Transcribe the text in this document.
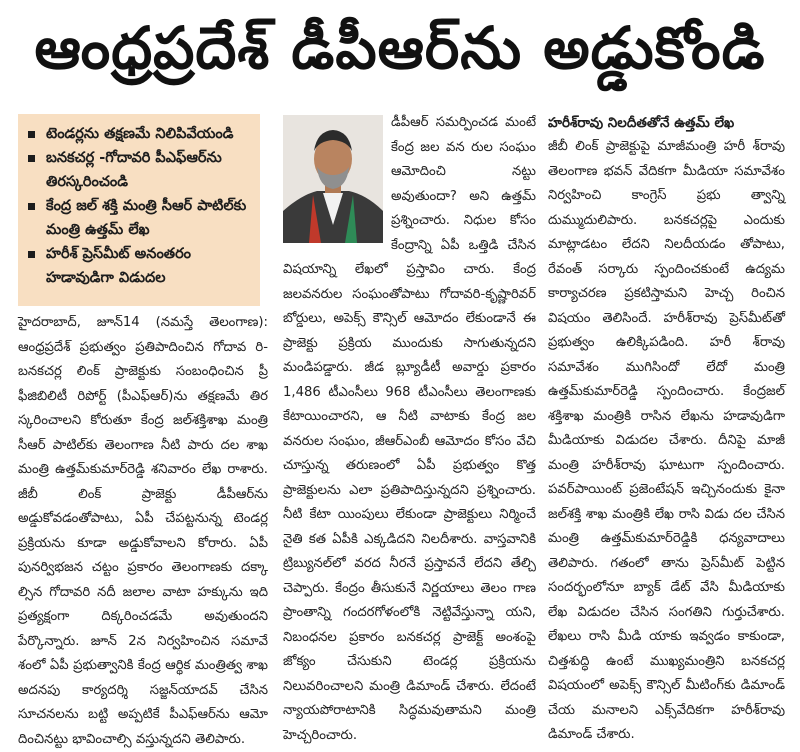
ఆంధ్రప్రదేశ్ డీపీఆర్‌ను అడ్డుకోండి
టెండర్లను తక్షణమే నిలిపివేయండి
బనకచర్ల -గోదావరి పీఎఫ్ఆర్‌ను తిరస్కరించండి
కేంద్ర జల్ శక్తి మంత్రి సీఆర్ పాటిల్‌కు మంత్రి ఉత్తమ్ లేఖ
హరీశ్ ప్రెస్‌మీట్ అనంతరం హడావుడిగా విడుదల

హైదరాబాద్, జూన్14 (నమస్తే తెలంగాణ): ఆంధ్రప్రదేశ్ ప్రభుత్వం ప్రతిపాదించిన గోదావ రి-బనకచర్ల లింక్ ప్రాజెక్టుకు సంబంధించిన ప్రీ ఫీజిబిలిటీ రిపోర్ట్ (పీఎఫ్ఆర్)ను తక్షణమే తిర స్కరించాలని కోరుతూ కేంద్ర జల్‌శక్తిశాఖ మంత్రి సీఆర్ పాటిల్‌కు తెలంగాణ నీటి పారు దల శాఖ మంత్రి ఉత్తమ్‌కుమార్‌రెడ్డి శనివారం లేఖ రాశారు. జీబీ లింక్ ప్రాజెక్టు డీపీఆర్‌ను అడ్డుకోవడంతోపాటు, ఏపీ చేపట్టనున్న టెండర్ల ప్రక్రియను కూడా అడ్డుకోవాలని కోరారు. ఏపీ పునర్విభజన చట్టం ప్రకారం తెలంగాణకు దక్కా ల్సిన గోదావరి నదీ జలాల వాటా హక్కును ఇది ప్రత్యక్షంగా దిక్కరించడమే అవుతుందని పేర్కొన్నారు. జూన్ 2న నిర్వహించిన సమావే శంలో ఏపీ ప్రభుత్వానికి కేంద్ర ఆర్థిక మంత్రిత్వ శాఖ అదనపు కార్యదర్శి సజ్జన్‌యాదవ్ చేసిన సూచనలను బట్టి అప్పటికే పీఎఫ్ఆర్‌ను ఆమో దించినట్టు భావించాల్సి వస్తున్నదని తెలిపారు.

డీపీఆర్ సమర్పించడ మంటే కేంద్ర జల వన రుల సంఘం ఆమోదించి నట్టు అవుతుందా? అని ఉత్తమ్ ప్రశ్నించారు. నిధుల కోసం కేంద్రాన్ని ఏపీ ఒత్తిడి చేసిన విషయాన్ని లేఖలో ప్రస్తావిం చారు. కేంద్ర జలవనరుల సంఘంతోపాటు గోదావరి-కృష్ణారివర్ బోర్డులు, అపెక్స్ కౌన్సిల్ ఆమోదం లేకుండానే ఈ ప్రాజెక్టు ప్రక్రియ ముందుకు సాగుతున్నదని మండిపడ్డారు. జీడ బ్ల్యూడీటీ అవార్డు ప్రకారం 1,486 టీఎంసీలు 968 టీఎంసీలు తెలంగాణకు కేటాయించారని, ఆ నీటి వాటాకు కేంద్ర జల వనరుల సంఘం, జీఆర్ఎంబీ ఆమోదం కోసం వేచి చూస్తున్న తరుణంలో ఏపీ ప్రభుత్వం కొత్త ప్రాజెక్టులను ఎలా ప్రతిపాదిస్తున్నదని ప్రశ్నించారు. నీటి కేటా యింపులు లేకుండా ప్రాజెక్టులు నిర్మించే నైతి కత ఏపీకి ఎక్కడిదని నిలదీశారు. వాస్తవానికి ట్రిబ్యునల్‌లో వరద నీరనే ప్రస్తావనే లేదని తేల్చి చెప్పారు. కేంద్రం తీసుకునే నిర్ణయాలు తెలం గాణ ప్రాంతాన్ని గందరగోళంలోకి నెట్టివేస్తున్నా యని, నిబంధనల ప్రకారం బనకచర్ల ప్రాజెక్ట్ అంశంపై జోక్యం చేసుకుని టెండర్ల ప్రక్రియను నిలువరించాలని మంత్రి డిమాండ్ చేశారు. లేదంటే న్యాయపోరాటానికి సిద్ధమవుతామని మంత్రి హెచ్చరించారు.

హరీశ్‌రావు నిలదీతతోనే ఉత్తమ్ లేఖ

జీబీ లింక్ ప్రాజెక్టుపై మాజీమంత్రి హరీ శ్‌రావు తెలంగాణ భవన్ వేదికగా మీడియా సమావేశం నిర్వహించి కాంగ్రెస్ ప్రభు త్వాన్ని దుమ్ముదులిపారు. బనకచర్లపై ఎందుకు మాట్లాడటం లేదని నిలదీయడం తోపాటు, రేవంత్ సర్కారు స్పందించకుంటే ఉద్యమ కార్యాచరణ ప్రకటిస్తామని హెచ్చ రించిన విషయం తెలిసిందే. హరీశ్‌రావు ప్రెస్‌మీట్‌తో ప్రభుత్వం ఉలిక్కిపడింది. హరీ శ్‌రావు సమావేశం ముగిసిందో లేదో మంత్రి ఉత్తమ్‌కుమార్‌రెడ్డి స్పందించారు. కేంద్రజల్ శక్తిశాఖ మంత్రికి రాసిన లేఖను హడావుడిగా మీడియాకు విడుదల చేశారు. దీనిపై మాజీ మంత్రి హరీశ్‌రావు ఘాటుగా స్పందించారు. పవర్‌పాయింట్ ప్రజెంటేషన్ ఇచ్చినందుకు కైనా జల్‌శక్తి శాఖ మంత్రికి లేఖ రాసి విడు దల చేసిన మంత్రి ఉత్తమ్‌కుమార్‌రెడ్డికి ధన్యవాదాలు తెలిపారు. గతంలో తాను ప్రెస్‌మీట్ పెట్టిన సందర్భంలోనూ బ్యాక్ డేట్ వేసి మీడియాకు లేఖ విడుదల చేసిన సంగతిని గుర్తుచేశారు. లేఖలు రాసి మీడి యాకు ఇవ్వడం కాకుండా, చిత్తశుద్ధి ఉంటే ముఖ్యమంత్రిని బనకచర్ల విషయంలో అపెక్స్ కౌన్సిల్ మీటింగ్‌కు డిమాండ్ చేయ మనాలని ఎక్స్‌వేదికగా హరీశ్‌రావు డిమాండ్ చేశారు.
